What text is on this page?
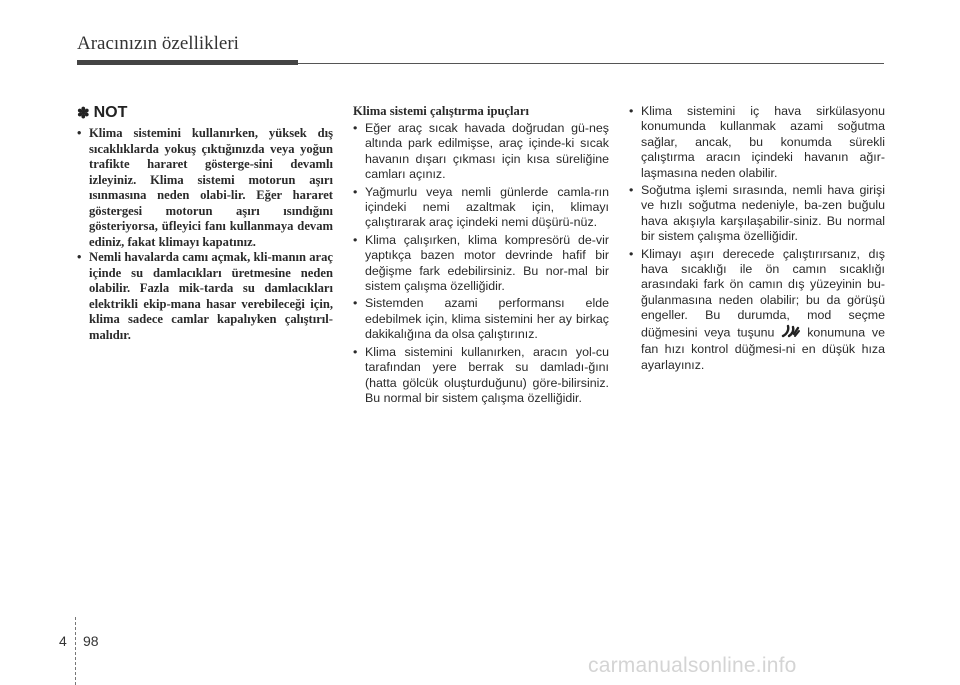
Aracınızın özellikleri
✽ NOT
• Klima sistemini kullanırken, yüksek dış sıcaklıklarda yokuş çıktığınızda veya yoğun trafikte hararet gösterge-sini devamlı izleyiniz. Klima sistemi motorun aşırı ısınmasına neden olabi-lir. Eğer hararet göstergesi motorun aşırı ısındığını gösteriyorsa, üfleyici fanı kullanmaya devam ediniz, fakat klimayı kapatınız.
• Nemli havalarda camı açmak, kli-manın araç içinde su damlacıkları üretmesine neden olabilir. Fazla mik-tarda su damlacıkları elektrikli ekip-mana hasar verebileceği için, klima sadece camlar kapalıyken çalıştırıl-malıdır.
Klima sistemi çalıştırma ipuçları
• Eğer araç sıcak havada doğrudan gü-neş altında park edilmişse, araç içinde-ki sıcak havanın dışarı çıkması için kısa süreliğine camları açınız.
• Yağmurlu veya nemli günlerde camla-rın içindeki nemi azaltmak için, klimayı çalıştırarak araç içindeki nemi düşürü-nüz.
• Klima çalışırken, klima kompresörü de-vir yaptıkça bazen motor devrinde hafif bir değişme fark edebilirsiniz. Bu nor-mal bir sistem çalışma özelliğidir.
• Sistemden azami performansı elde edebilmek için, klima sistemini her ay birkaç dakikalığına da olsa çalıştırınız.
• Klima sistemini kullanırken, aracın yol-cu tarafından yere berrak su damladı-ğını (hatta gölcük oluşturduğunu) göre-bilirsiniz. Bu normal bir sistem çalışma özelliğidir.
• Klima sistemini iç hava sirkülasyonu konumunda kullanmak azami soğutma sağlar, ancak, bu konumda sürekli çalıştırma aracın içindeki havanın ağır-laşmasına neden olabilir.
• Soğutma işlemi sırasında, nemli hava girişi ve hızlı soğutma nedeniyle, ba-zen buğulu hava akışıyla karşılaşabilir-siniz. Bu normal bir sistem çalışma özelliğidir.
• Klimayı aşırı derecede çalıştırırsanız, dış hava sıcaklığı ile ön camın sıcaklığı arasındaki fark ön camın dış yüzeyinin bu-ğulanmasına neden olabilir; bu da görüşü engeller. Bu durumda, mod seçme düğmesini veya tuşunu	konumuna ve fan hızı kontrol düğmesi-ni en düşük hıza ayarlayınız.
4 98
carmanualsonline.info
